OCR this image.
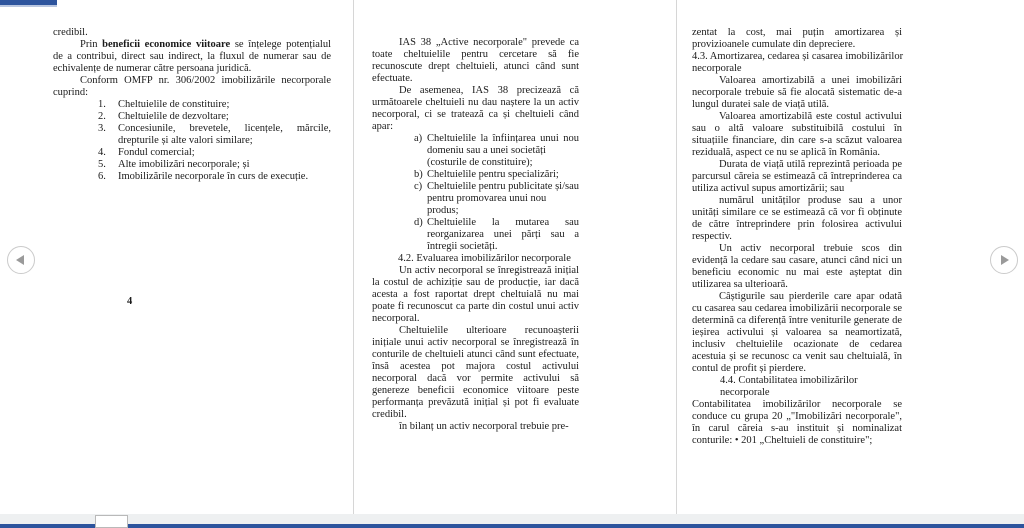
credibil.

Prin beneficii economice viitoare se înțelege potențialul de a contribui, direct sau indirect, la fluxul de numerar sau de echivalențe de numerar către persoana juridică.

Conform OMFP nr. 306/2002 imobilizările necorporale cuprind:

1. Cheltuielile de constituire;
2. Cheltuielile de dezvoltare;
3. Concesiunile, brevetele, licențele, mărcile, drepturile și alte valori similare;
4. Fondul comercial;
5. Alte imobilizări necorporale; și
6. Imobilizările necorporale în curs de execuție.
4

IAS 38 „Active necorporale" prevede ca toate cheltuielile pentru cercetare să fie recunoscute drept cheltuieli, atunci când sunt efectuate.

De asemenea, IAS 38 precizează că următoarele cheltuieli nu dau naștere la un activ necorporal, ci se tratează ca și cheltuieli când apar:

a) Cheltuielile la înființarea unui nou domeniu sau a unei societăți
(costurile de constituire);
b) Cheltuielile pentru specializări;
c) Cheltuielile pentru publicitate și/sau pentru promovarea unui nou
produs;
d) Cheltuielile la mutarea sau reorganizarea unei părți sau a întregii societăți.

4.2. Evaluarea imobilizărilor necorporale

Un activ necorporal se înregistrează inițial la costul de achiziție sau de producție, iar dacă acesta a fost raportat drept cheltuială nu mai poate fi recunoscut ca parte din costul unui activ necorporal.

Cheltuielile ulterioare recunoașterii inițiale unui activ necorporal se înregistrează în conturile de cheltuieli atunci când sunt efectuate, însă acestea pot majora costul activului necorporal dacă vor permite activului să genereze beneficii economice viitoare peste performanța prevăzută inițial și pot fi evaluate credibil.

în bilanț un activ necorporal trebuie pre-

zentat la cost, mai puțin amortizarea și provizioanele cumulate din depreciere.

4.3. Amortizarea, cedarea și casarea imobilizărilor necorporale

Valoarea amortizabilă a unei imobilizări necorporale trebuie să fie alocată sistematic de-a lungul duratei sale de viață utilă.

Valoarea amortizabilă este costul activului sau o altă valoare substituibilă costului în situațiile financiare, din care s-a scăzut valoarea reziduală, aspect ce nu se aplică în România.

Durata de viață utilă reprezintă perioada pe parcursul căreia se estimează că întreprinderea ca utiliza activul supus amortizării; sau

numărul unităților produse sau a unor unități similare ce se estimează că vor fi obținute de către întreprindere prin folosirea activului respectiv.

Un activ necorporal trebuie scos din evidență la cedare sau casare, atunci când nici un beneficiu economic nu mai este așteptat din utilizarea sa ulterioară.

Câștigurile sau pierderile care apar odată cu casarea sau cedarea imobilizării necorporale se determină ca diferență între veniturile generate de ieșirea activului și valoarea sa neamortizată, inclusiv cheltuielile ocazionate de cedarea acestuia și se recunosc ca venit sau cheltuială, în contul de profit și pierdere.

4.4. Contabilitatea imobilizărilor necorporale

Contabilitatea imobilizărilor necorporale se conduce cu grupa 20 „"Imobilizări necorporale", în carul căreia s-au instituit și nominalizat conturile: • 201 „Cheltuieli de constituire";
